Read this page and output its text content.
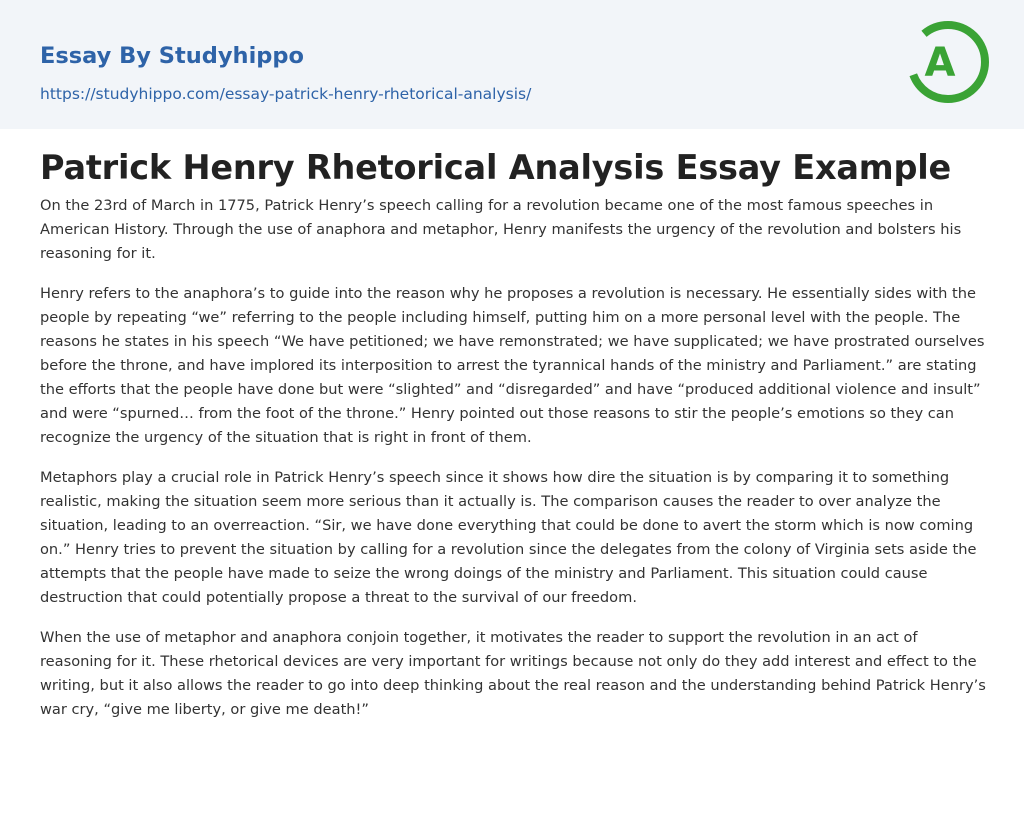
Essay By Studyhippo
https://studyhippo.com/essay-patrick-henry-rhetorical-analysis/
A
Patrick Henry Rhetorical Analysis Essay Example

On the 23rd of March in 1775, Patrick Henry’s speech calling for a revolution became one of the most famous speeches in American History. Through the use of anaphora and metaphor, Henry manifests the urgency of the revolution and bolsters his reasoning for it.

Henry refers to the anaphora’s to guide into the reason why he proposes a revolution is necessary. He essentially sides with the people by repeating “we” referring to the people including himself, putting him on a more personal level with the people. The reasons he states in his speech “We have petitioned; we have remonstrated; we have supplicated; we have prostrated ourselves before the throne, and have implored its interposition to arrest the tyrannical hands of the ministry and Parliament.” are stating the efforts that the people have done but were “slighted” and “disregarded” and have “produced additional violence and insult” and were “spurned… from the foot of the throne.” Henry pointed out those reasons to stir the people’s emotions so they can recognize the urgency of the situation that is right in front of them.

Metaphors play a crucial role in Patrick Henry’s speech since it shows how dire the situation is by comparing it to something realistic, making the situation seem more serious than it actually is. The comparison causes the reader to over analyze the situation, leading to an overreaction. “Sir, we have done everything that could be done to avert the storm which is now coming on.” Henry tries to prevent the situation by calling for a revolution since the delegates from the colony of Virginia sets aside the attempts that the people have made to seize the wrong doings of the ministry and Parliament. This situation could cause destruction that could potentially propose a threat to the survival of our freedom.

When the use of metaphor and anaphora conjoin together, it motivates the reader to support the revolution in an act of reasoning for it. These rhetorical devices are very important for writings because not only do they add interest and effect to the writing, but it also allows the reader to go into deep thinking about the real reason and the understanding behind Patrick Henry’s war cry, “give me liberty, or give me death!”
